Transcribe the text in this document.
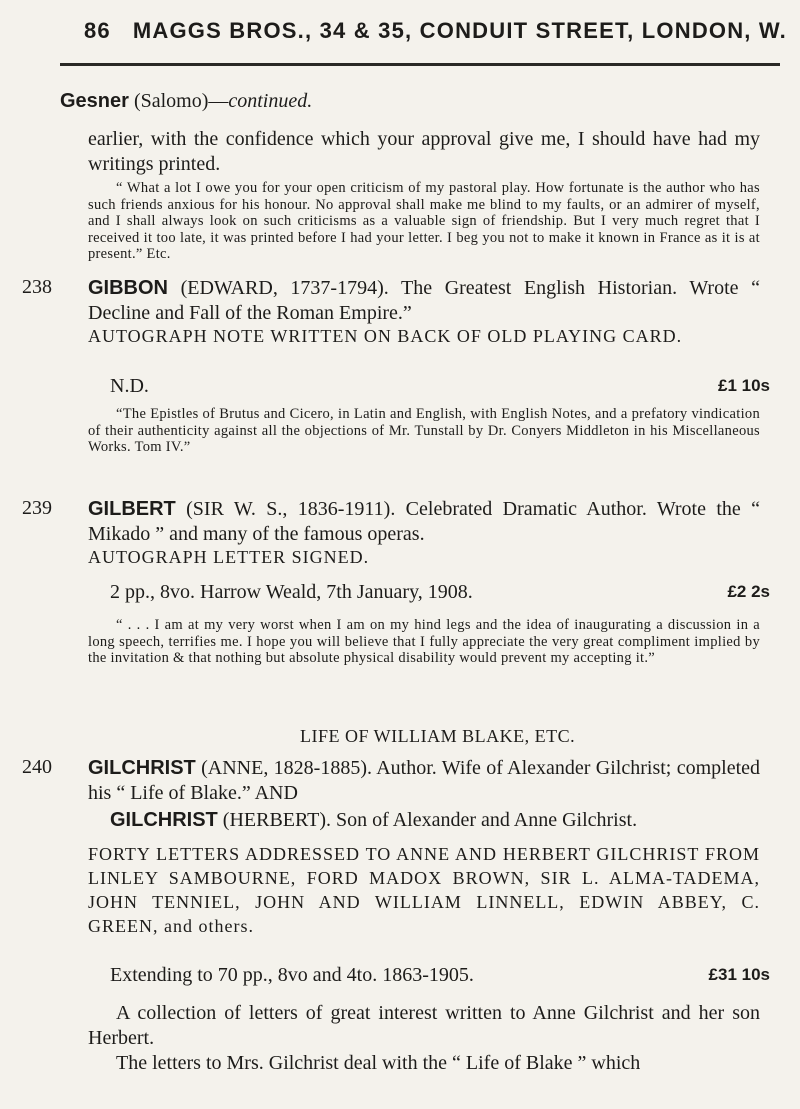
86 MAGGS BROS., 34 & 35, CONDUIT STREET, LONDON, W.
Gesner (Salomo)—continued.
earlier, with the confidence which your approval give me, I should have had my writings printed.
“ What a lot I owe you for your open criticism of my pastoral play. How fortunate is the author who has such friends anxious for his honour. No approval shall make me blind to my faults, or an admirer of myself, and I shall always look on such criticisms as a valuable sign of friendship. But I very much regret that I received it too late, it was printed before I had your letter. I beg you not to make it known in France as it is at present.” Etc.
238 GIBBON (EDWARD, 1737-1794). The Greatest English Historian. Wrote “ Decline and Fall of the Roman Empire.”
AUTOGRAPH NOTE WRITTEN ON BACK OF OLD PLAYING CARD.
N.D.	£1 10s
“The Epistles of Brutus and Cicero, in Latin and English, with English Notes, and a prefatory vindication of their authenticity against all the objections of Mr. Tunstall by Dr. Conyers Middleton in his Miscellaneous Works. Tom IV.”
239 GILBERT (SIR W. S., 1836-1911). Celebrated Dramatic Author. Wrote the “ Mikado ” and many of the famous operas.
AUTOGRAPH LETTER SIGNED.
2 pp., 8vo. Harrow Weald, 7th January, 1908.	£2 2s
“ . . . I am at my very worst when I am on my hind legs and the idea of inaugurating a discussion in a long speech, terrifies me. I hope you will believe that I fully appreciate the very great compliment implied by the invitation & that nothing but absolute physical disability would prevent my accepting it.”
LIFE OF WILLIAM BLAKE, ETC.
240 GILCHRIST (ANNE, 1828-1885). Author. Wife of Alexander Gilchrist; completed his “ Life of Blake.” AND
GILCHRIST (HERBERT). Son of Alexander and Anne Gilchrist.
FORTY LETTERS ADDRESSED TO ANNE AND HERBERT GILCHRIST FROM LINLEY SAMBOURNE, FORD MADOX BROWN, SIR L. ALMA-TADEMA, JOHN TENNIEL, JOHN AND WILLIAM LINNELL, EDWIN ABBEY, C. GREEN, and others.
Extending to 70 pp., 8vo and 4to. 1863-1905.	£31 10s
A collection of letters of great interest written to Anne Gilchrist and her son Herbert.
The letters to Mrs. Gilchrist deal with the “ Life of Blake ” which
